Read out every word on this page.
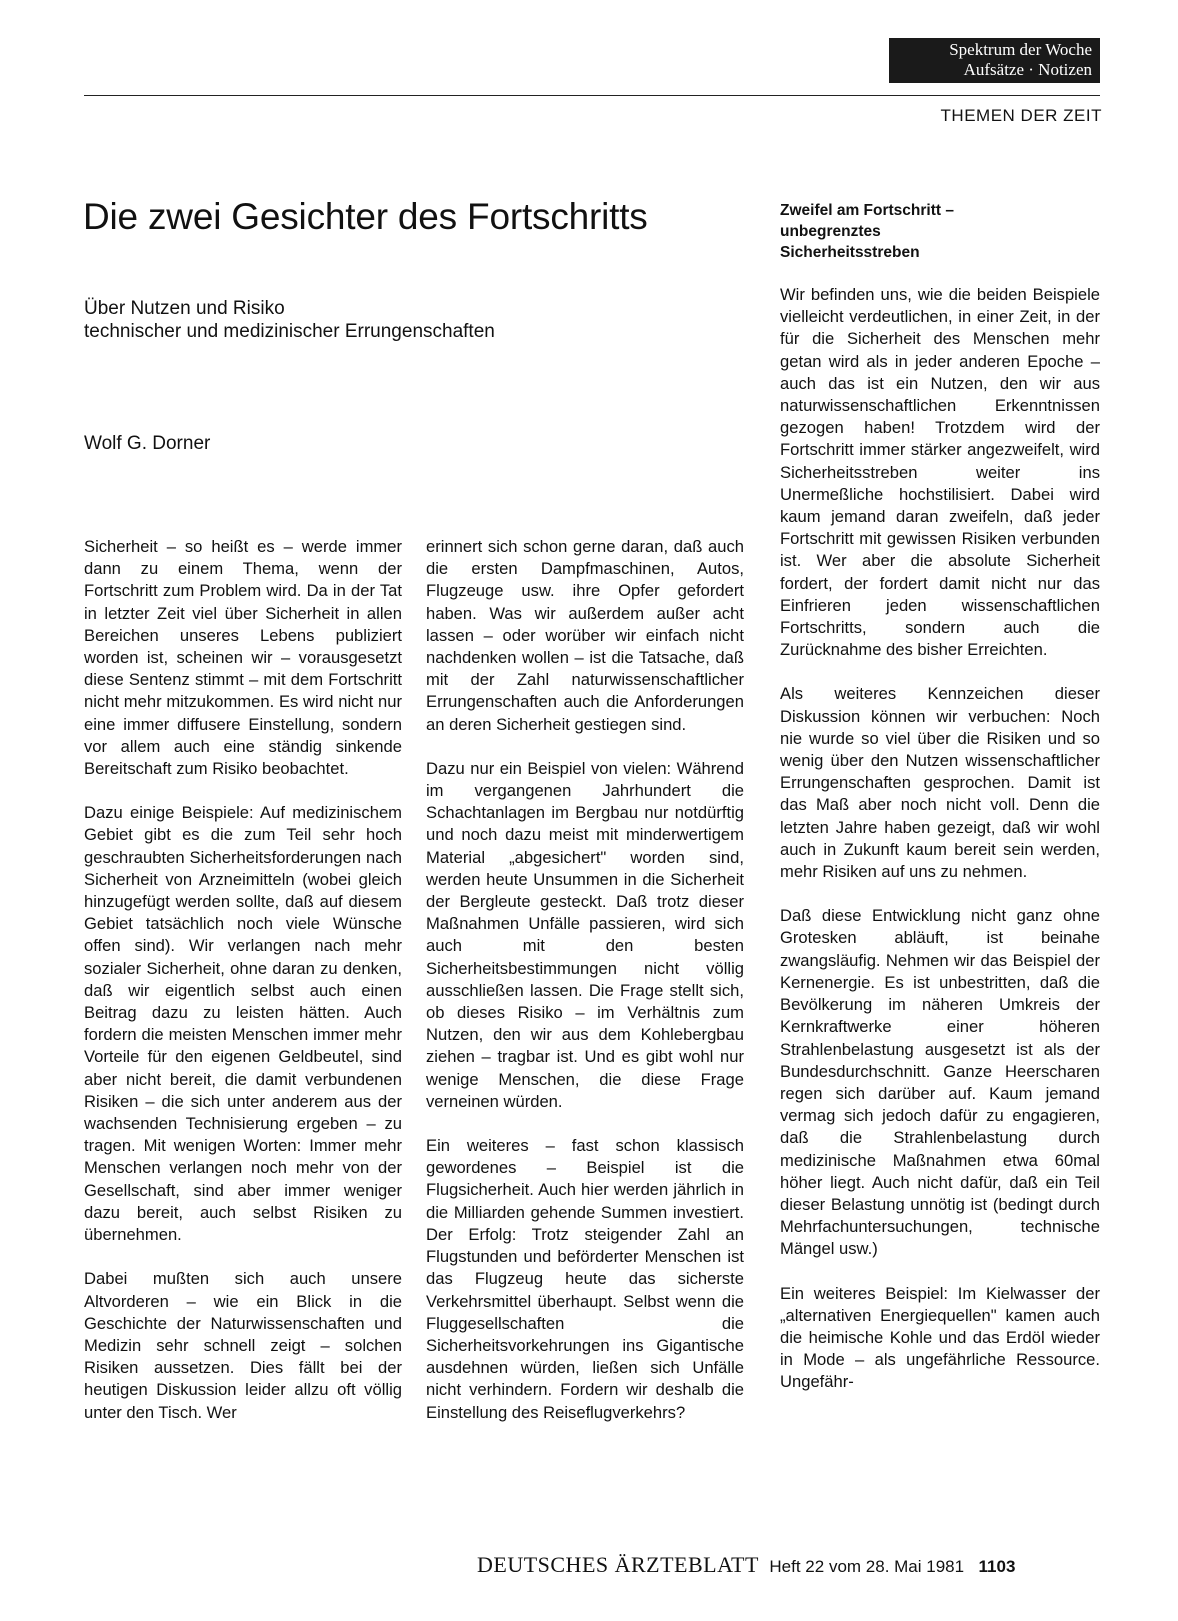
Spektrum der Woche
Aufsätze · Notizen
THEMEN DER ZEIT
Die zwei Gesichter des Fortschritts
Über Nutzen und Risiko
technischer und medizinischer Errungenschaften
Wolf G. Dorner

Sicherheit – so heißt es – werde immer dann zu einem Thema, wenn der Fortschritt zum Problem wird. Da in der Tat in letzter Zeit viel über Sicherheit in allen Bereichen unseres Lebens publiziert worden ist, scheinen wir – vorausgesetzt diese Sentenz stimmt – mit dem Fortschritt nicht mehr mitzukommen. Es wird nicht nur eine immer diffusere Einstellung, sondern vor allem auch eine ständig sinkende Bereitschaft zum Risiko beobachtet.

Dazu einige Beispiele: Auf medizinischem Gebiet gibt es die zum Teil sehr hoch geschraubten Sicherheitsforderungen nach Sicherheit von Arzneimitteln (wobei gleich hinzugefügt werden sollte, daß auf diesem Gebiet tatsächlich noch viele Wünsche offen sind). Wir verlangen nach mehr sozialer Sicherheit, ohne daran zu denken, daß wir eigentlich selbst auch einen Beitrag dazu zu leisten hätten. Auch fordern die meisten Menschen immer mehr Vorteile für den eigenen Geldbeutel, sind aber nicht bereit, die damit verbundenen Risiken – die sich unter anderem aus der wachsenden Technisierung ergeben – zu tragen. Mit wenigen Worten: Immer mehr Menschen verlangen noch mehr von der Gesellschaft, sind aber immer weniger dazu bereit, auch selbst Risiken zu übernehmen.

Dabei mußten sich auch unsere Altvorderen – wie ein Blick in die Geschichte der Naturwissenschaften und Medizin sehr schnell zeigt – solchen Risiken aussetzen. Dies fällt bei der heutigen Diskussion leider allzu oft völlig unter den Tisch. Wer

erinnert sich schon gerne daran, daß auch die ersten Dampfmaschinen, Autos, Flugzeuge usw. ihre Opfer gefordert haben. Was wir außerdem außer acht lassen – oder worüber wir einfach nicht nachdenken wollen – ist die Tatsache, daß mit der Zahl naturwissenschaftlicher Errungenschaften auch die Anforderungen an deren Sicherheit gestiegen sind.

Dazu nur ein Beispiel von vielen: Während im vergangenen Jahrhundert die Schachtanlagen im Bergbau nur notdürftig und noch dazu meist mit minderwertigem Material „abgesichert" worden sind, werden heute Unsummen in die Sicherheit der Bergleute gesteckt. Daß trotz dieser Maßnahmen Unfälle passieren, wird sich auch mit den besten Sicherheitsbestimmungen nicht völlig ausschließen lassen. Die Frage stellt sich, ob dieses Risiko – im Verhältnis zum Nutzen, den wir aus dem Kohlebergbau ziehen – tragbar ist. Und es gibt wohl nur wenige Menschen, die diese Frage verneinen würden.

Ein weiteres – fast schon klassisch gewordenes – Beispiel ist die Flugsicherheit. Auch hier werden jährlich in die Milliarden gehende Summen investiert. Der Erfolg: Trotz steigender Zahl an Flugstunden und beförderter Menschen ist das Flugzeug heute das sicherste Verkehrsmittel überhaupt. Selbst wenn die Fluggesellschaften die Sicherheitsvorkehrungen ins Gigantische ausdehnen würden, ließen sich Unfälle nicht verhindern. Fordern wir deshalb die Einstellung des Reiseflugverkehrs?

Zweifel am Fortschritt –
unbegrenztes
Sicherheitsstreben

Wir befinden uns, wie die beiden Beispiele vielleicht verdeutlichen, in einer Zeit, in der für die Sicherheit des Menschen mehr getan wird als in jeder anderen Epoche – auch das ist ein Nutzen, den wir aus naturwissenschaftlichen Erkenntnissen gezogen haben! Trotzdem wird der Fortschritt immer stärker angezweifelt, wird Sicherheitsstreben weiter ins Unermeßliche hochstilisiert. Dabei wird kaum jemand daran zweifeln, daß jeder Fortschritt mit gewissen Risiken verbunden ist. Wer aber die absolute Sicherheit fordert, der fordert damit nicht nur das Einfrieren jeden wissenschaftlichen Fortschritts, sondern auch die Zurücknahme des bisher Erreichten.

Als weiteres Kennzeichen dieser Diskussion können wir verbuchen: Noch nie wurde so viel über die Risiken und so wenig über den Nutzen wissenschaftlicher Errungenschaften gesprochen. Damit ist das Maß aber noch nicht voll. Denn die letzten Jahre haben gezeigt, daß wir wohl auch in Zukunft kaum bereit sein werden, mehr Risiken auf uns zu nehmen.

Daß diese Entwicklung nicht ganz ohne Grotesken abläuft, ist beinahe zwangsläufig. Nehmen wir das Beispiel der Kernenergie. Es ist unbestritten, daß die Bevölkerung im näheren Umkreis der Kernkraftwerke einer höheren Strahlenbelastung ausgesetzt ist als der Bundesdurchschnitt. Ganze Heerscharen regen sich darüber auf. Kaum jemand vermag sich jedoch dafür zu engagieren, daß die Strahlenbelastung durch medizinische Maßnahmen etwa 60mal höher liegt. Auch nicht dafür, daß ein Teil dieser Belastung unnötig ist (bedingt durch Mehrfachuntersuchungen, technische Mängel usw.)

Ein weiteres Beispiel: Im Kielwasser der „alternativen Energiequellen" kamen auch die heimische Kohle und das Erdöl wieder in Mode – als ungefährliche Ressource. Ungefähr-

DEUTSCHES ÄRZTEBLATT Heft 22 vom 28. Mai 1981 1103
